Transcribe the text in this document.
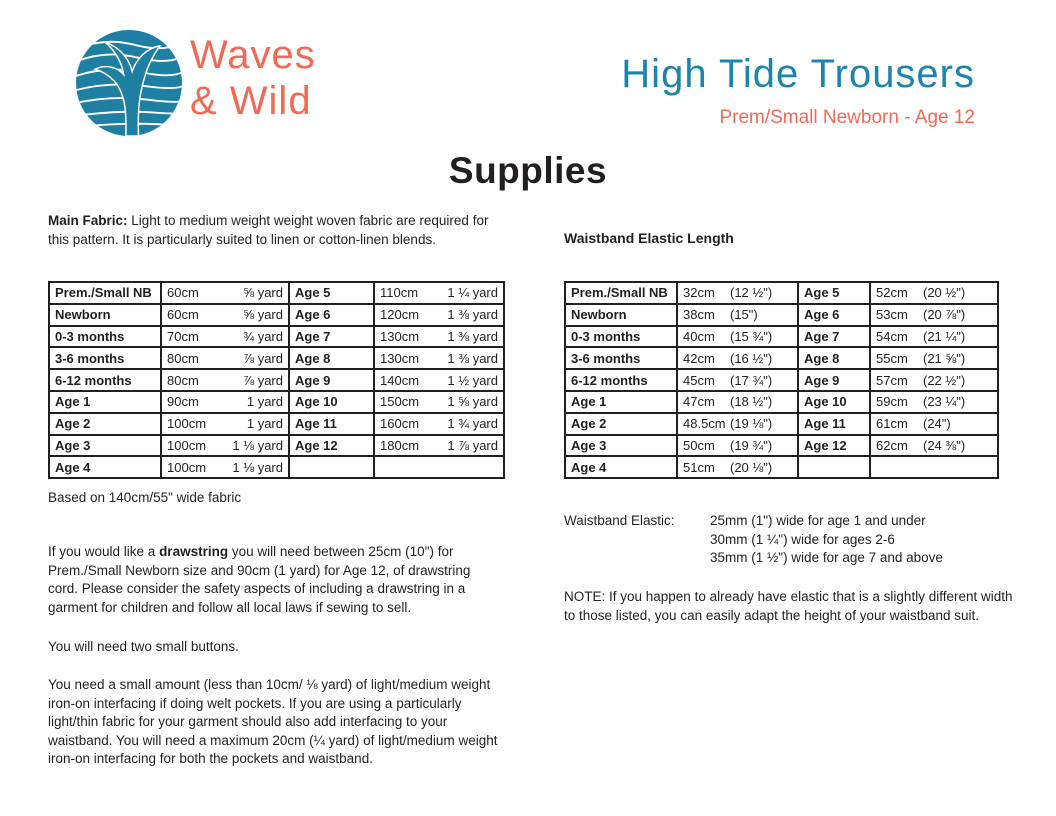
Waves
& Wild
High Tide Trousers
Prem/Small Newborn - Age 12
Supplies

Main Fabric: Light to medium weight weight woven fabric are required for this pattern. It is particularly suited to linen or cotton-linen blends.

Prem./Small NB	60cm ⅝ yard	Age 5	110cm 1 ¼ yard

Newborn	60cm ⅝ yard	Age 6	120cm 1 ⅜ yard

0-3 months	70cm ¾ yard	Age 7	130cm 1 ⅜ yard

3-6 months	80cm ⅞ yard	Age 8	130cm 1 ⅜ yard

6-12 months	80cm ⅞ yard	Age 9	140cm 1 ½ yard

Age 1	90cm 1 yard	Age 10	150cm 1 ⅝ yard

Age 2	100cm 1 yard	Age 11	160cm 1 ¾ yard

Age 3	100cm 1 ⅛ yard	Age 12	180cm 1 ⅞ yard

Age 4	100cm 1 ⅛ yard		

Based on 140cm/55" wide fabric

If you would like a drawstring you will need between 25cm (10") for Prem./Small Newborn size and 90cm (1 yard) for Age 12, of drawstring cord. Please consider the safety aspects of including a drawstring in a garment for children and follow all local laws if sewing to sell.

You will need two small buttons.

You need a small amount (less than 10cm/ ⅛ yard) of light/medium weight iron-on interfacing if doing welt pockets. If you are using a particularly light/thin fabric for your garment should also add interfacing to your waistband. You will need a maximum 20cm (¼ yard) of light/medium weight iron-on interfacing for both the pockets and waistband.

Waistband Elastic Length
Prem./Small NB	32cm (12 ½")	Age 5	52cm (20 ½")
Newborn	38cm (15")	Age 6	53cm (20 ⅞")
0-3 months	40cm (15 ¾")	Age 7	54cm (21 ¼")
3-6 months	42cm (16 ½")	Age 8	55cm (21 ⅝")
6-12 months	45cm (17 ¾")	Age 9	57cm (22 ½")
Age 1	47cm (18 ½")	Age 10	59cm (23 ¼")
Age 2	48.5cm (19 ⅛")	Age 11	61cm (24")
Age 3	50cm (19 ¾")	Age 12	62cm (24 ⅜")
Age 4	51cm (20 ⅛")		
Waistband Elastic:	25mm (1") wide for age 1 and under
30mm (1 ¼") wide for ages 2-6
35mm (1 ½") wide for age 7 and above

NOTE: If you happen to already have elastic that is a slightly different width to those listed, you can easily adapt the height of your waistband suit.
